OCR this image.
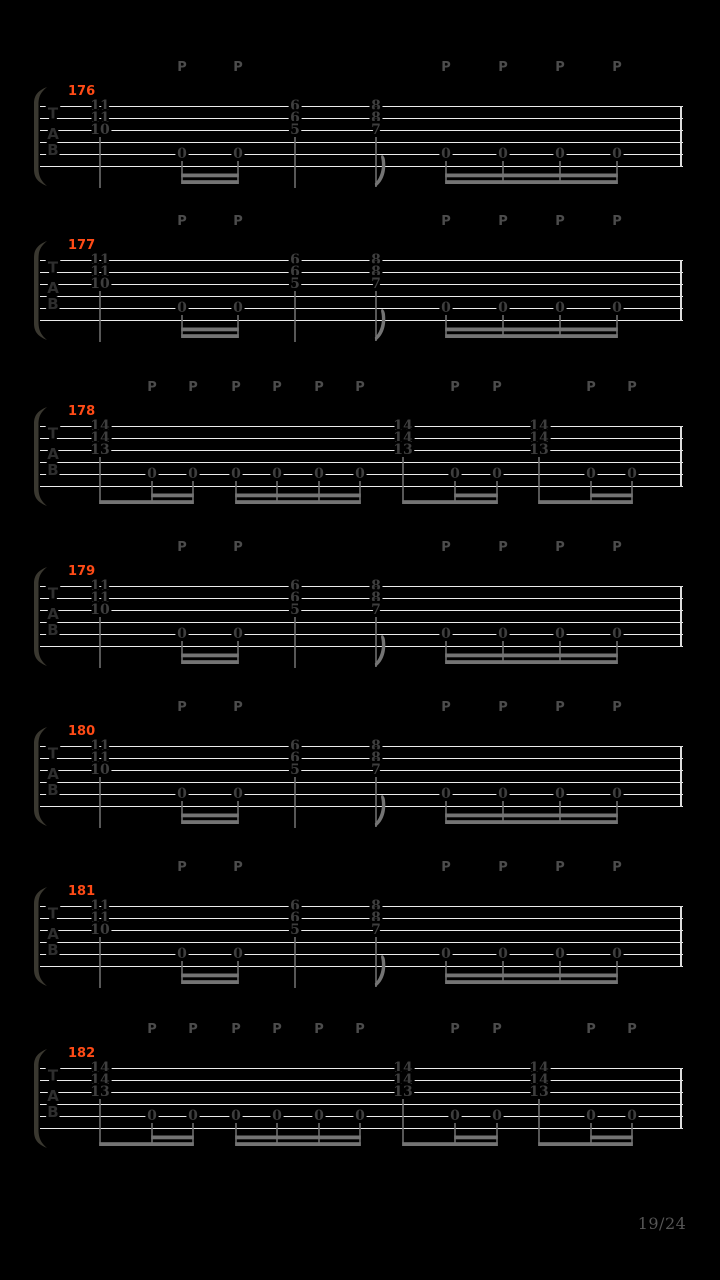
T
A
B
176
P	P	P	P	P	P
11
11
10
6
6
5
8
8
7
0	0	0	0	0	0
T
A
B
177
P	P	P	P	P	P
11
11
10
6
6
5
8
8
7
0	0	0	0	0	0
T
A
B
178
P P	P P P P	P P	P P
14
14
13
14
14
13
14
14
13
0 0 0 0 0 0	0 0	0 0
T
A
B
179
P	P	P	P	P	P
11
11
10
6
6
5
8
8
7
0	0	0	0	0	0
T
A
B
180
P	P	P	P	P	P
11
11
10
6
6
5
8
8
7
0	0	0	0	0	0
T
A
B
181
P	P	P	P	P	P
11
11
10
6
6
5
8
8
7
0	0	0	0	0	0
T
A
B
182
P P	P P P P	P P	P P
14
14
13
14
14
13
14
14
13
0 0 0 0 0 0	0 0	0 0
19/24
